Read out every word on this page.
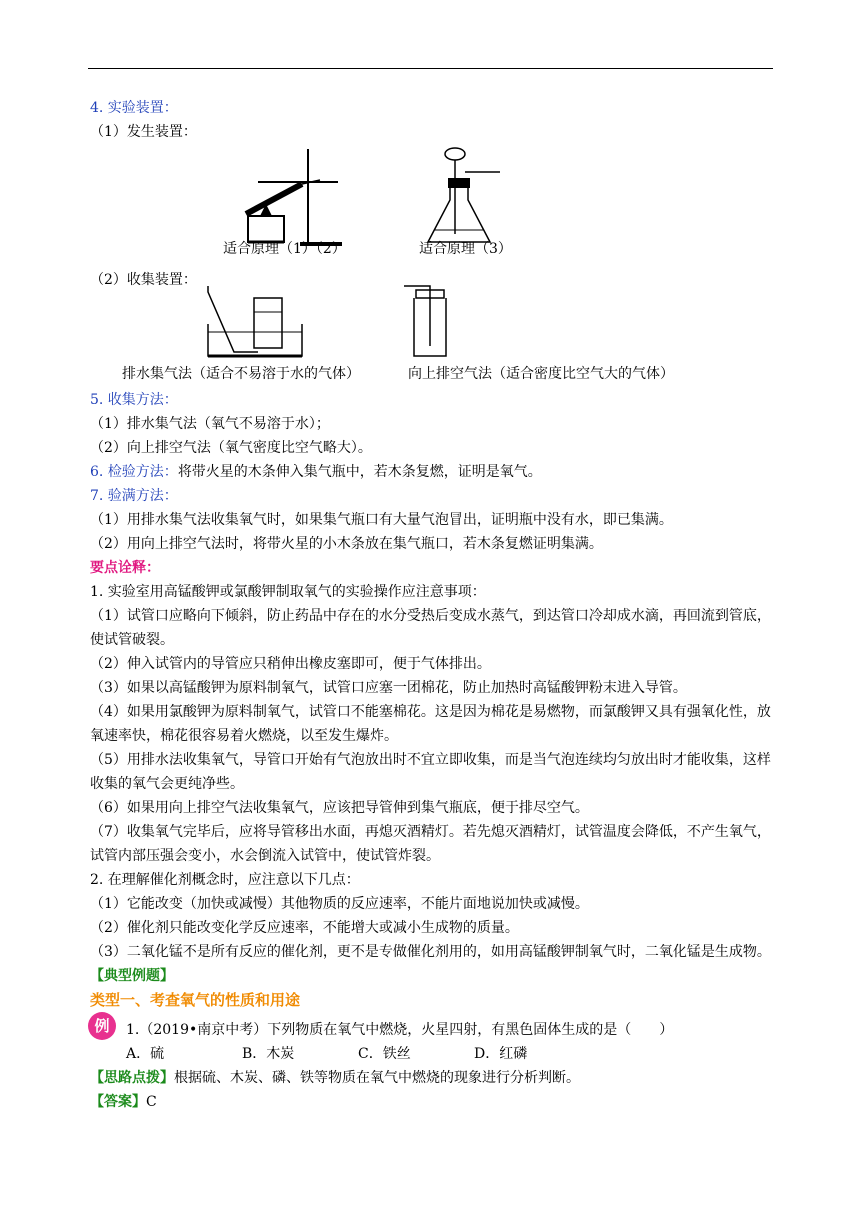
4. 实验装置：
（1）发生装置：
适合原理（1）（2）	适合原理（3）
（2）收集装置：
排水集气法（适合不易溶于水的气体）	向上排空气法（适合密度比空气大的气体）
5. 收集方法：
（1）排水集气法（氧气不易溶于水）；
（2）向上排空气法（氧气密度比空气略大）。
6. 检验方法：将带火星的木条伸入集气瓶中，若木条复燃，证明是氧气。
7. 验满方法：
（1）用排水集气法收集氧气时，如果集气瓶口有大量气泡冒出，证明瓶中没有水，即已集满。
（2）用向上排空气法时，将带火星的小木条放在集气瓶口，若木条复燃证明集满。
要点诠释：
1. 实验室用高锰酸钾或氯酸钾制取氧气的实验操作应注意事项：
（1）试管口应略向下倾斜，防止药品中存在的水分受热后变成水蒸气，到达管口冷却成水滴，再回流到管底，使试管破裂。
（2）伸入试管内的导管应只稍伸出橡皮塞即可，便于气体排出。
（3）如果以高锰酸钾为原料制氧气，试管口应塞一团棉花，防止加热时高锰酸钾粉末进入导管。
（4）如果用氯酸钾为原料制氧气，试管口不能塞棉花。这是因为棉花是易燃物，而氯酸钾又具有强氧化性，放氧速率快，棉花很容易着火燃烧，以至发生爆炸。
（5）用排水法收集氧气，导管口开始有气泡放出时不宜立即收集，而是当气泡连续均匀放出时才能收集，这样收集的氧气会更纯净些。
（6）如果用向上排空气法收集氧气，应该把导管伸到集气瓶底，便于排尽空气。
（7）收集氧气完毕后，应将导管移出水面，再熄灭酒精灯。若先熄灭酒精灯，试管温度会降低，不产生氧气，试管内部压强会变小，水会倒流入试管中，使试管炸裂。
2. 在理解催化剂概念时，应注意以下几点：
（1）它能改变（加快或减慢）其他物质的反应速率，不能片面地说加快或减慢。
（2）催化剂只能改变化学反应速率，不能增大或减小生成物的质量。
（3）二氧化锰不是所有反应的催化剂，更不是专做催化剂用的，如用高锰酸钾制氧气时，二氧化锰是生成物。
【典型例题】
类型一、考查氧气的性质和用途
例	1.（2019•南京中考）下列物质在氧气中燃烧，火星四射，有黑色固体生成的是（　　）
A．硫	B．木炭	C．铁丝	D．红磷
【思路点拨】根据硫、木炭、磷、铁等物质在氧气中燃烧的现象进行分析判断。
【答案】C
